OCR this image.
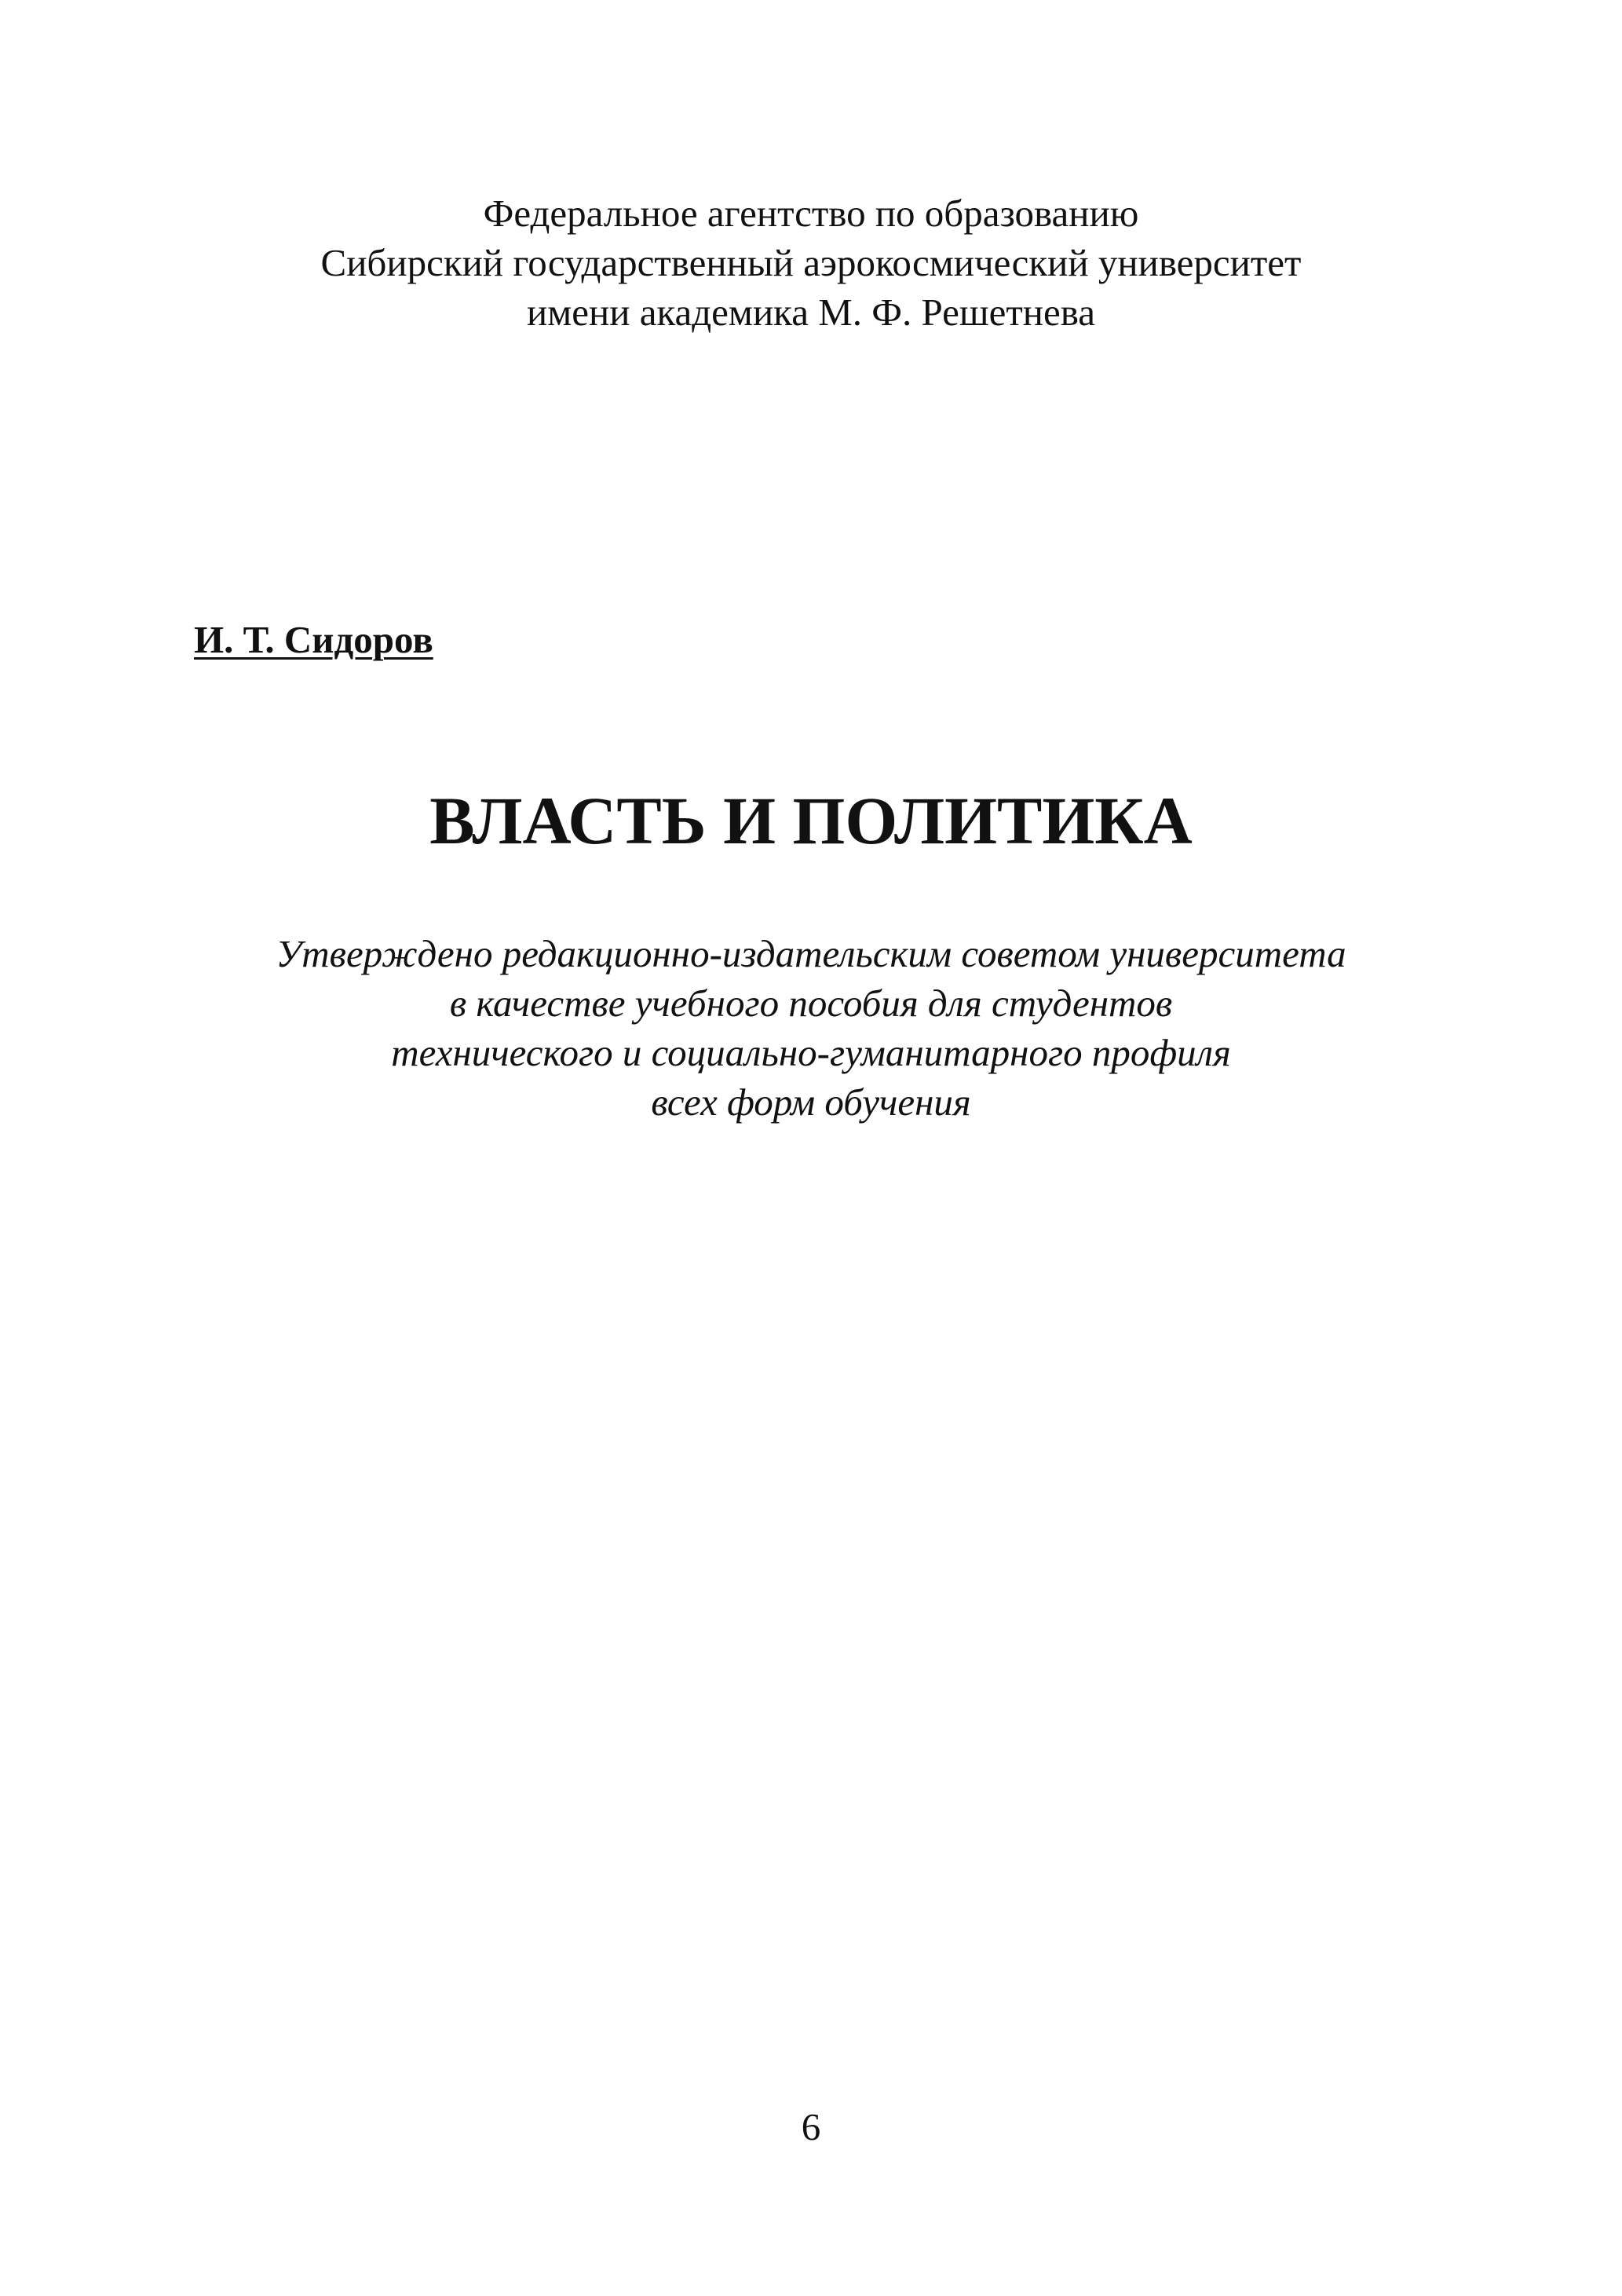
Федеральное агентство по образованию
Сибирский государственный аэрокосмический университет
имени академика М. Ф. Решетнева
И. Т. Сидоров
ВЛАСТЬ И ПОЛИТИКА
Утверждено редакционно-издательским советом университета
в качестве учебного пособия для студентов
технического и социально-гуманитарного профиля
всех форм обучения
6
